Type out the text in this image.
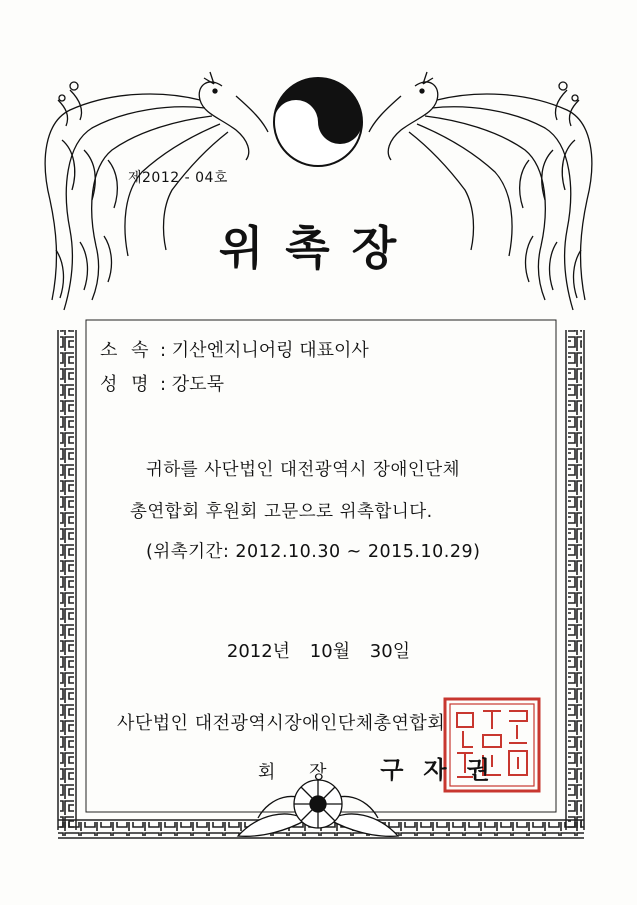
제2012 - 04호
위촉장
소 속 : 기산엔지니어링 대표이사
성 명 : 강도묵
귀하를 사단법인 대전광역시 장애인단체
총연합회 후원회 고문으로 위촉합니다.
(위촉기간: 2012.10.30 ~ 2015.10.29)
2012년 10월 30일
사단법인 대전광역시장애인단체총연합회
회 장 구자권
